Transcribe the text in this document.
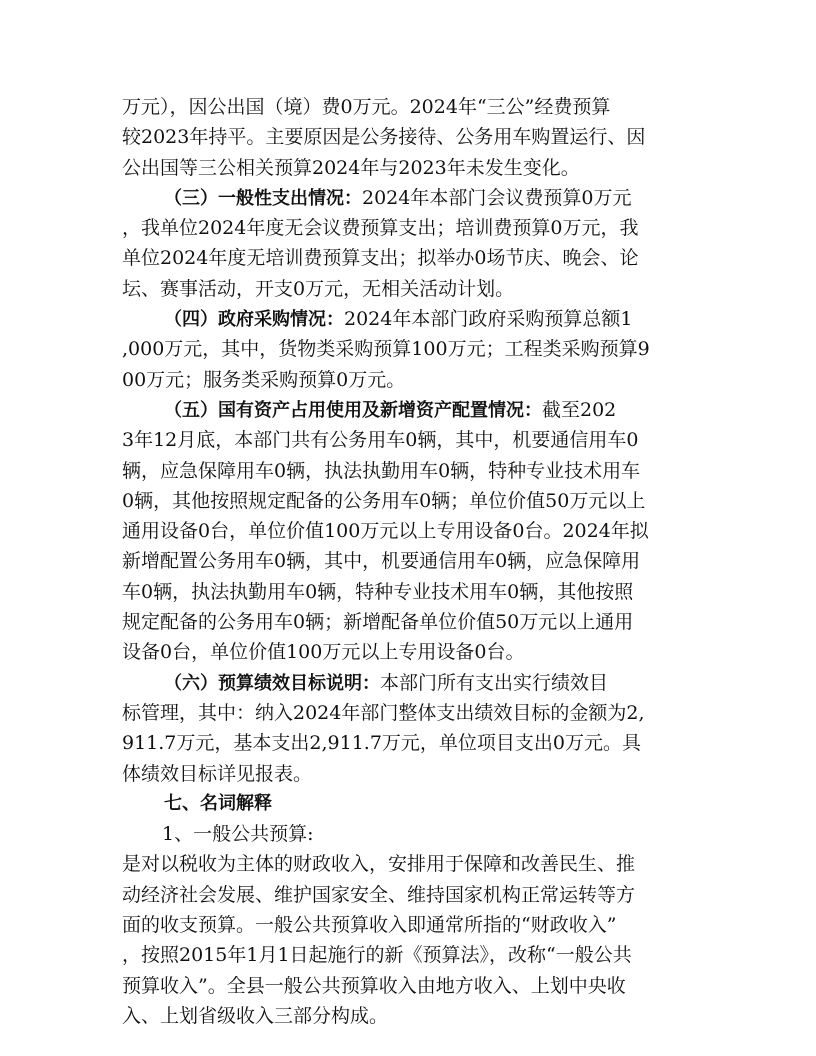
万元），因公出国（境）费0万元。2024年“三公”经费预算
较2023年持平。主要原因是公务接待、公务用车购置运行、因
公出国等三公相关预算2024年与2023年未发生变化。
（三）一般性支出情况：2024年本部门会议费预算0万元
，我单位2024年度无会议费预算支出；培训费预算0万元，我
单位2024年度无培训费预算支出；拟举办0场节庆、晚会、论
坛、赛事活动，开支0万元，无相关活动计划。
（四）政府采购情况：2024年本部门政府采购预算总额1
,000万元，其中，货物类采购预算100万元；工程类采购预算9
00万元；服务类采购预算0万元。
（五）国有资产占用使用及新增资产配置情况：截至202
3年12月底，本部门共有公务用车0辆，其中，机要通信用车0
辆，应急保障用车0辆，执法执勤用车0辆，特种专业技术用车
0辆，其他按照规定配备的公务用车0辆；单位价值50万元以上
通用设备0台，单位价值100万元以上专用设备0台。2024年拟
新增配置公务用车0辆，其中，机要通信用车0辆，应急保障用
车0辆，执法执勤用车0辆，特种专业技术用车0辆，其他按照
规定配备的公务用车0辆；新增配备单位价值50万元以上通用
设备0台，单位价值100万元以上专用设备0台。
（六）预算绩效目标说明：本部门所有支出实行绩效目
标管理，其中：纳入2024年部门整体支出绩效目标的金额为2,
911.7万元，基本支出2,911.7万元，单位项目支出0万元。具
体绩效目标详见报表。
七、名词解释
1、一般公共预算:
是对以税收为主体的财政收入，安排用于保障和改善民生、推
动经济社会发展、维护国家安全、维持国家机构正常运转等方
面的收支预算。一般公共预算收入即通常所指的“财政收入”
，按照2015年1月1日起施行的新《预算法》，改称“一般公共
预算收入”。全县一般公共预算收入由地方收入、上划中央收
入、上划省级收入三部分构成。
